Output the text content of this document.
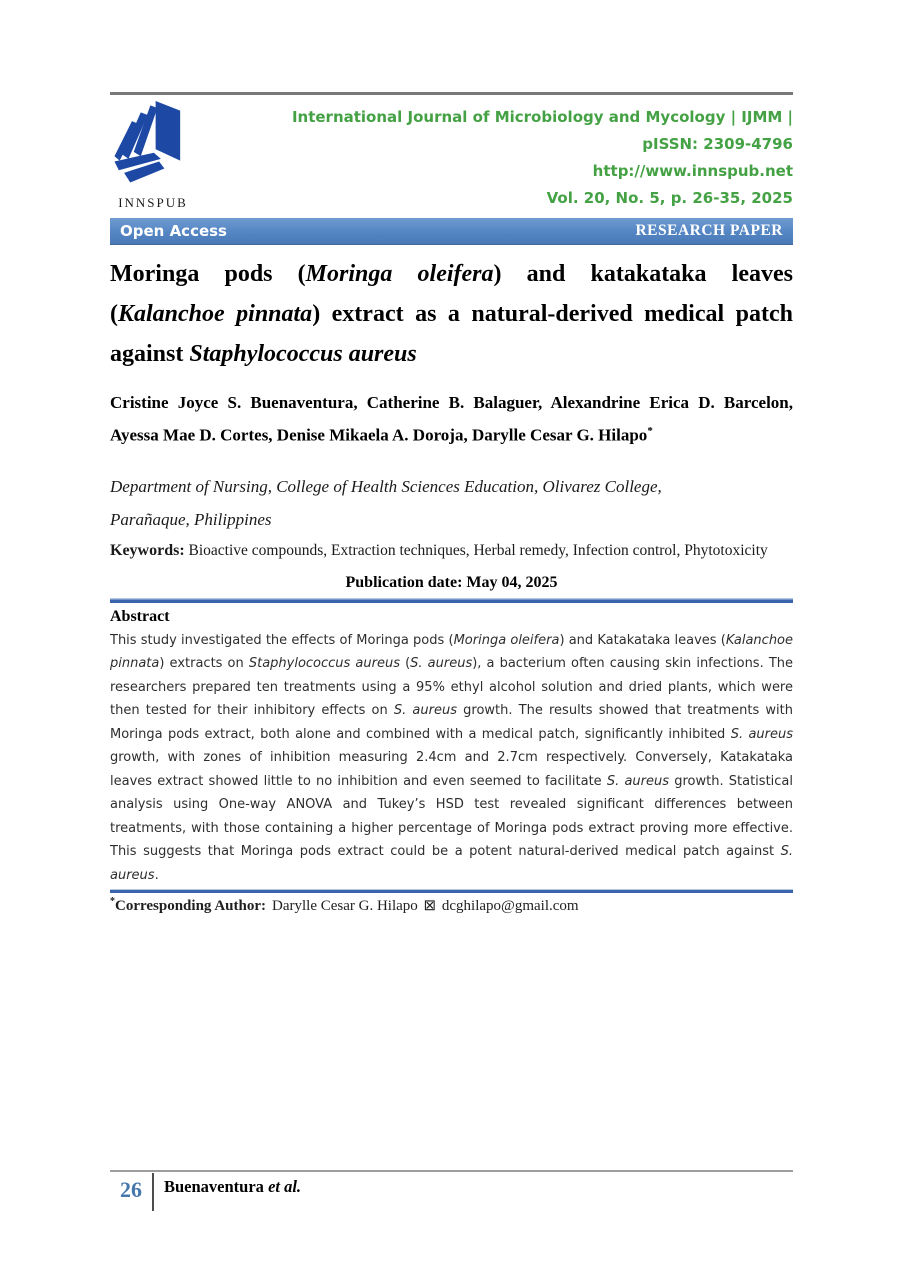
INNSPUB
International Journal of Microbiology and Mycology | IJMM |
pISSN: 2309-4796
http://www.innspub.net
Vol. 20, No. 5, p. 26-35, 2025
Open Access	RESEARCH PAPER
Moringa pods (Moringa oleifera) and katakataka leaves (Kalanchoe pinnata) extract as a natural-derived medical patch against Staphylococcus aureus

Cristine Joyce S. Buenaventura, Catherine B. Balaguer, Alexandrine Erica D. Barcelon, Ayessa Mae D. Cortes, Denise Mikaela A. Doroja, Darylle Cesar G. Hilapo*

Department of Nursing, College of Health Sciences Education, Olivarez College,
Parañaque, Philippines

Keywords: Bioactive compounds, Extraction techniques, Herbal remedy, Infection control, Phytotoxicity

Publication date: May 04, 2025

Abstract

This study investigated the effects of Moringa pods (Moringa oleifera) and Katakataka leaves (Kalanchoe pinnata) extracts on Staphylococcus aureus (S. aureus), a bacterium often causing skin infections. The researchers prepared ten treatments using a 95% ethyl alcohol solution and dried plants, which were then tested for their inhibitory effects on S. aureus growth. The results showed that treatments with Moringa pods extract, both alone and combined with a medical patch, significantly inhibited S. aureus growth, with zones of inhibition measuring 2.4cm and 2.7cm respectively. Conversely, Katakataka leaves extract showed little to no inhibition and even seemed to facilitate S. aureus growth. Statistical analysis using One-way ANOVA and Tukey’s HSD test revealed significant differences between treatments, with those containing a higher percentage of Moringa pods extract proving more effective. This suggests that Moringa pods extract could be a potent natural-derived medical patch against S. aureus.

*Corresponding Author: Darylle Cesar G. Hilapo ⊠ dcghilapo@gmail.com

26	Buenaventura et al.
